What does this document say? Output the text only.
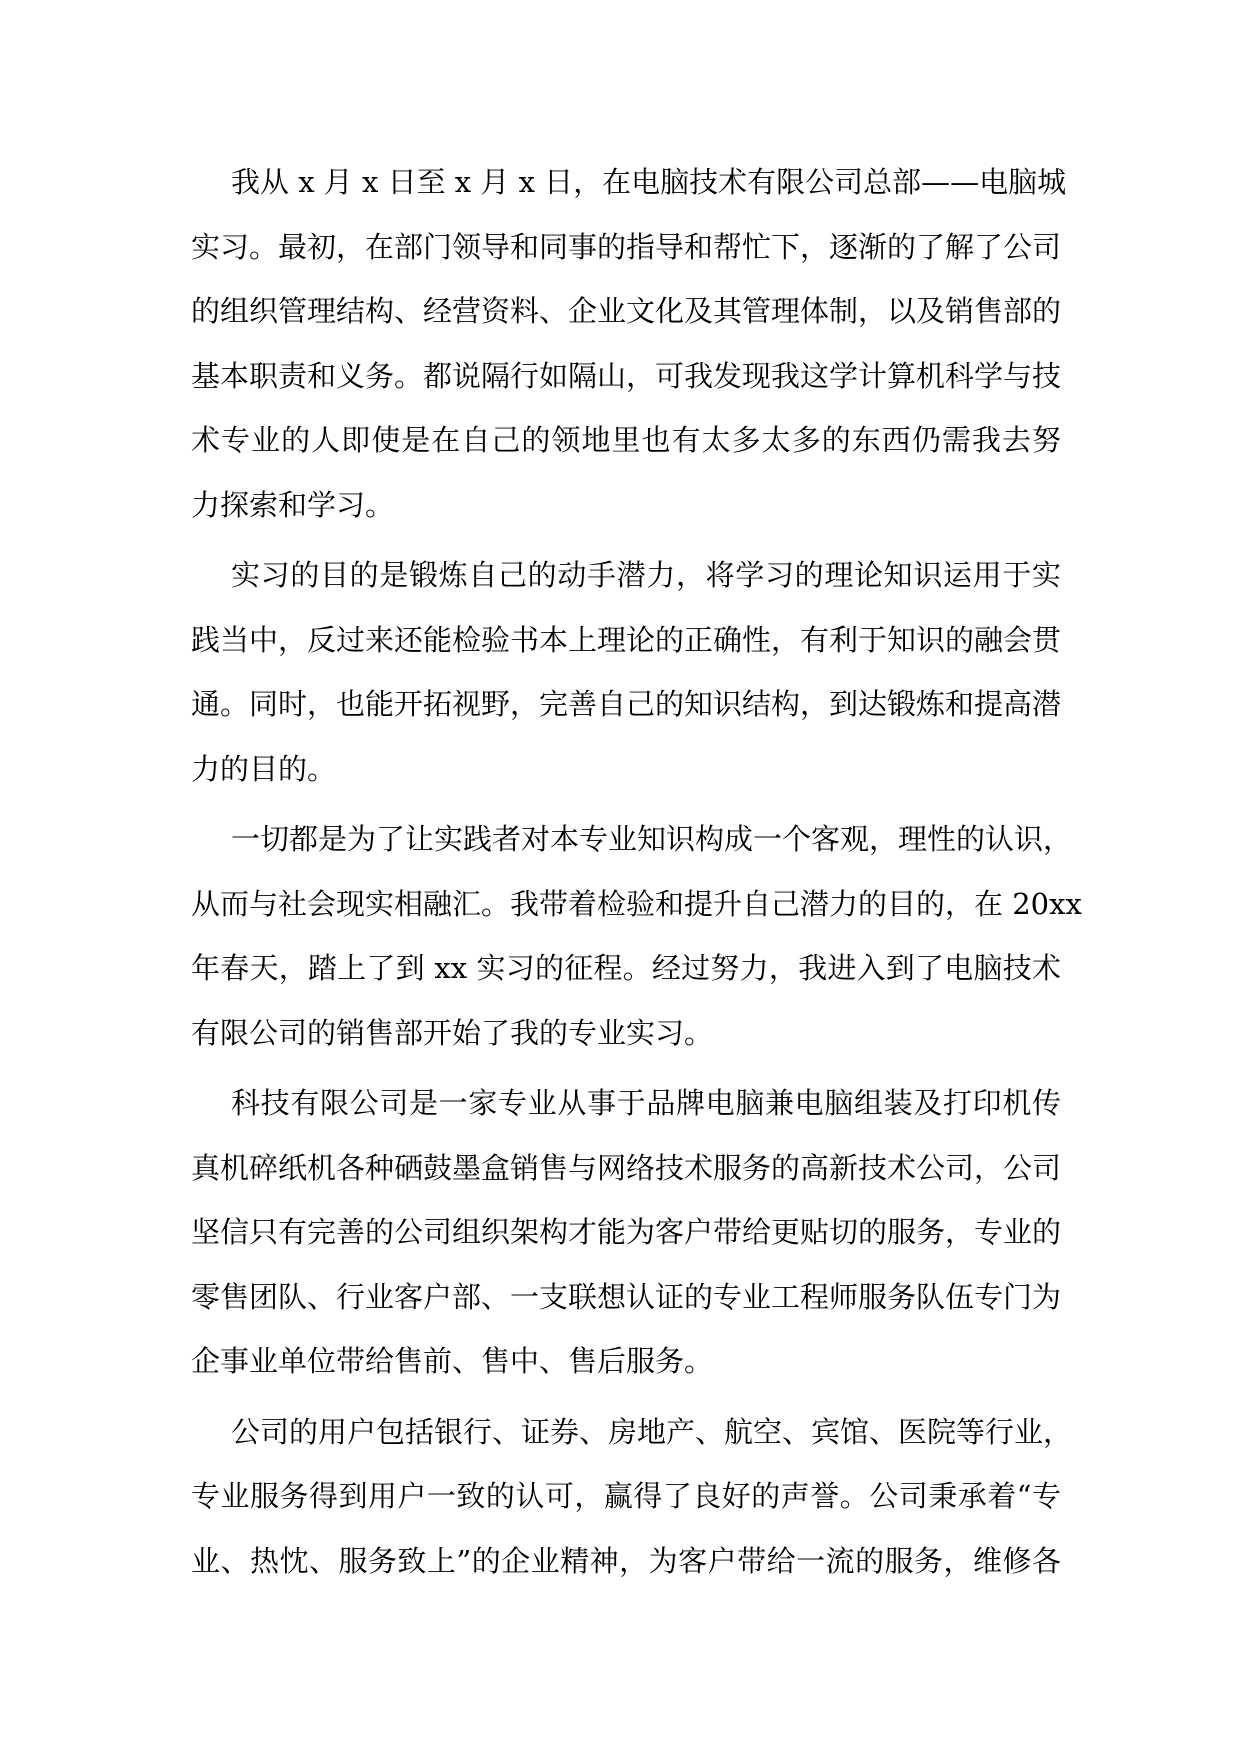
我从 x 月 x 日至 x 月 x 日，在电脑技术有限公司总部——电脑城
实习。最初，在部门领导和同事的指导和帮忙下，逐渐的了解了公司
的组织管理结构、经营资料、企业文化及其管理体制，以及销售部的
基本职责和义务。都说隔行如隔山，可我发现我这学计算机科学与技
术专业的人即使是在自己的领地里也有太多太多的东西仍需我去努
力探索和学习。
实习的目的是锻炼自己的动手潜力，将学习的理论知识运用于实
践当中，反过来还能检验书本上理论的正确性，有利于知识的融会贯
通。同时，也能开拓视野，完善自己的知识结构，到达锻炼和提高潜
力的目的。
一切都是为了让实践者对本专业知识构成一个客观，理性的认识，
从而与社会现实相融汇。我带着检验和提升自己潜力的目的，在 20xx
年春天，踏上了到 xx 实习的征程。经过努力，我进入到了电脑技术
有限公司的销售部开始了我的专业实习。
科技有限公司是一家专业从事于品牌电脑兼电脑组装及打印机传
真机碎纸机各种硒鼓墨盒销售与网络技术服务的高新技术公司，公司
坚信只有完善的公司组织架构才能为客户带给更贴切的服务，专业的
零售团队、行业客户部、一支联想认证的专业工程师服务队伍专门为
企事业单位带给售前、售中、售后服务。
公司的用户包括银行、证券、房地产、航空、宾馆、医院等行业，
专业服务得到用户一致的认可，赢得了良好的声誉。公司秉承着“专
业、热忱、服务致上”的企业精神，为客户带给一流的服务，维修各
